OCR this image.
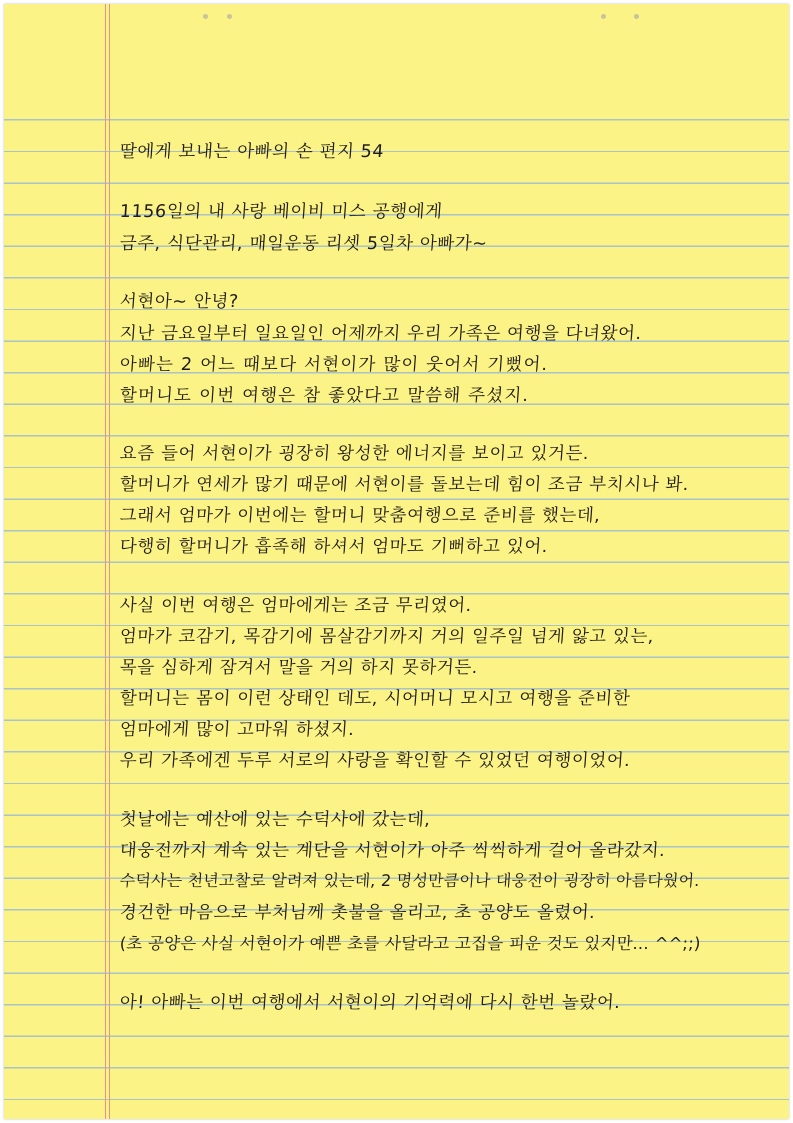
딸에게 보내는 아빠의 손 편지 54

1156일의 내 사랑 베이비 미스 공행에게

금주, 식단관리, 매일운동 리셋 5일차 아빠가~

서현아~ 안녕?

지난 금요일부터 일요일인 어제까지 우리 가족은 여행을 다녀왔어.

아빠는 2 어느 때보다 서현이가 많이 웃어서 기뻤어.

할머니도 이번 여행은 참 좋았다고 말씀해 주셨지.

요즘 들어 서현이가 굉장히 왕성한 에너지를 보이고 있거든.

할머니가 연세가 많기 때문에 서현이를 돌보는데 힘이 조금 부치시나 봐.

그래서 엄마가 이번에는 할머니 맞춤여행으로 준비를 했는데,

다행히 할머니가 흡족해 하셔서 엄마도 기뻐하고 있어.

사실 이번 여행은 엄마에게는 조금 무리였어.

엄마가 코감기, 목감기에 몸살감기까지 거의 일주일 넘게 앓고 있는,

목을 심하게 잠겨서 말을 거의 하지 못하거든.

할머니는 몸이 이런 상태인 데도, 시어머니 모시고 여행을 준비한

엄마에게 많이 고마워 하셨지.

우리 가족에겐 두루 서로의 사랑을 확인할 수 있었던 여행이었어.

첫날에는 예산에 있는 수덕사에 갔는데,

대웅전까지 계속 있는 계단을 서현이가 아주 씩씩하게 걸어 올라갔지.

수덕사는 천년고찰로 알려져 있는데, 2 명성만큼이나 대웅전이 굉장히 아름다웠어.

경건한 마음으로 부처님께 촛불을 올리고, 초 공양도 올렸어.

(초 공양은 사실 서현이가 예쁜 초를 사달라고 고집을 피운 것도 있지만... ^^;;)

아! 아빠는 이번 여행에서 서현이의 기억력에 다시 한번 놀랐어.
